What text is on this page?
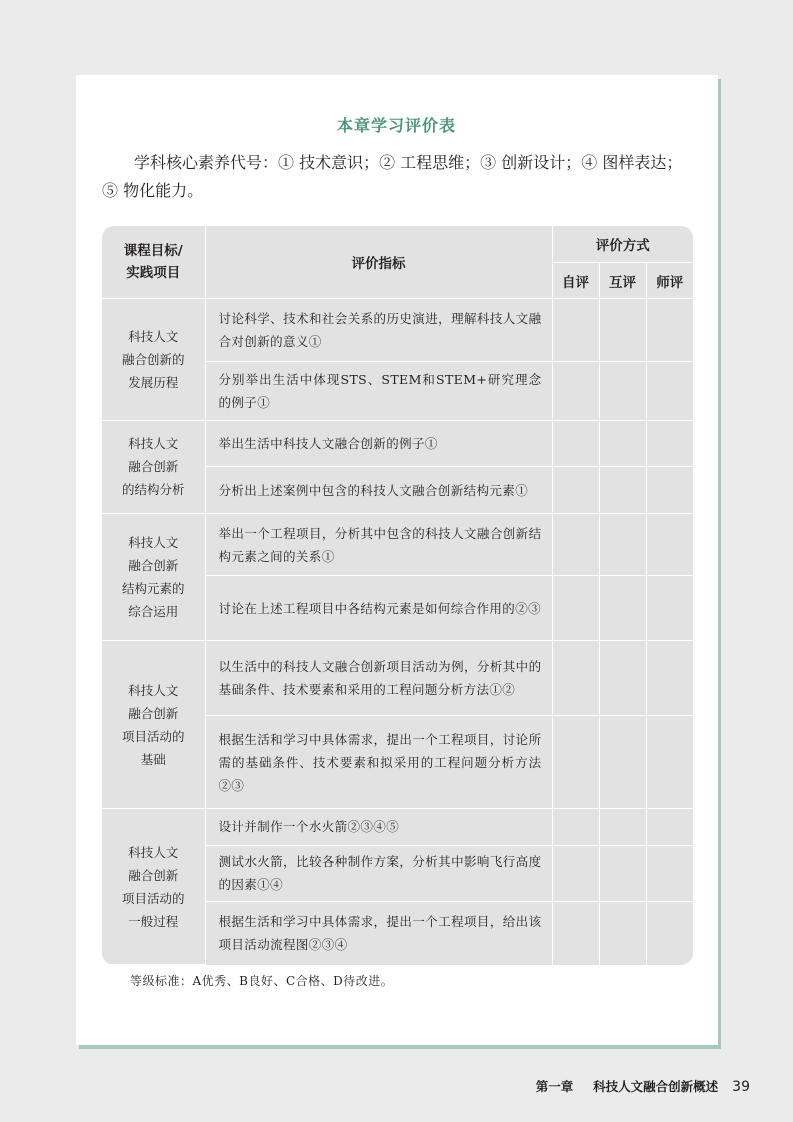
本章学习评价表
学科核心素养代号：① 技术意识；② 工程思维；③ 创新设计；④ 图样表达；⑤ 物化能力。
课程目标/
实践项目	评价指标	评价方式		
		自评	互评	师评

科技人文
融合创新的
发展历程	讨论科学、技术和社会关系的历史演进，理解科技人文融合对创新的意义①			
	分别举出生活中体现STS、STEM和STEM+研究理念的例子①			

科技人文
融合创新
的结构分析	举出生活中科技人文融合创新的例子①			
	分析出上述案例中包含的科技人文融合创新结构元素①			

科技人文
融合创新
结构元素的
综合运用	举出一个工程项目，分析其中包含的科技人文融合创新结构元素之间的关系①			
	讨论在上述工程项目中各结构元素是如何综合作用的②③			

科技人文
融合创新
项目活动的
基础	以生活中的科技人文融合创新项目活动为例，分析其中的基础条件、技术要素和采用的工程问题分析方法①②			
	根据生活和学习中具体需求，提出一个工程项目，讨论所需的基础条件、技术要素和拟采用的工程问题分析方法②③			

科技人文
融合创新
项目活动的
一般过程	设计并制作一个水火箭②③④⑤			
	测试水火箭，比较各种制作方案，分析其中影响飞行高度的因素①④			
	根据生活和学习中具体需求，提出一个工程项目，给出该项目活动流程图②③④			
等级标准：A优秀、B良好、C合格、D待改进。
第一章 科技人文融合创新概述 39
